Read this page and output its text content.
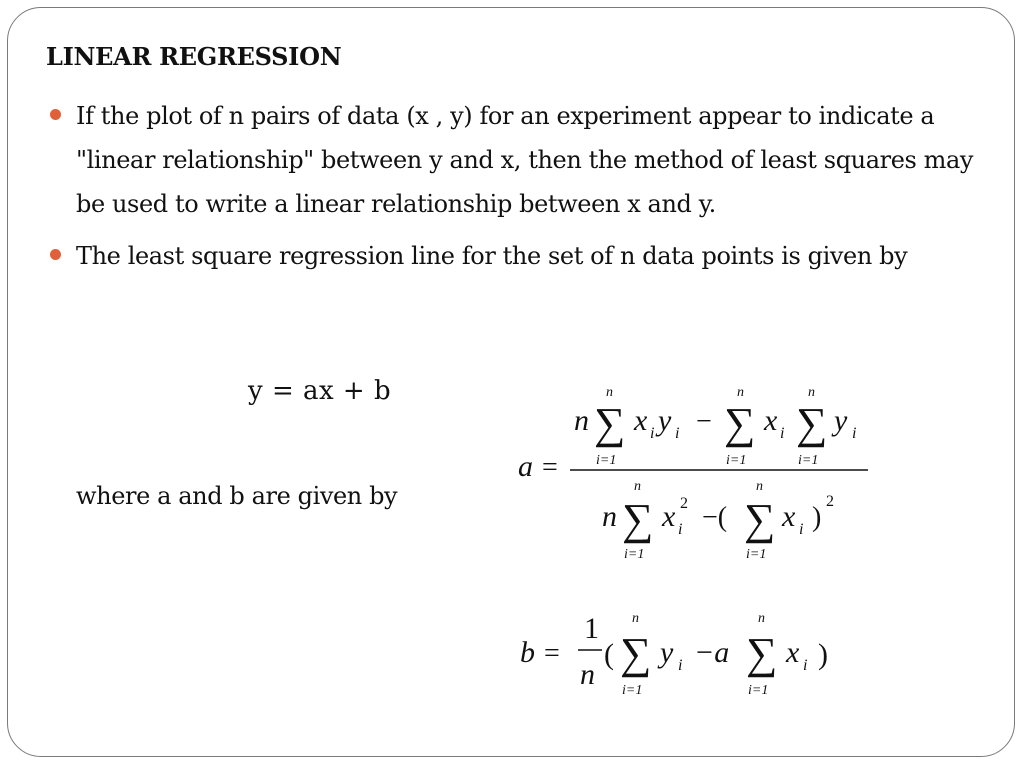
LINEAR REGRESSION
If the plot of n pairs of data (x , y) for an experiment appear to indicate a "linear relationship" between y and x, then the method of least squares may be used to write a linear relationship between x and y.
The least square regression line for the set of n data points is given by
y = ax + b
where a and b are given by
a =
n
n
∑
i=1
x i y i −
n
∑
i=1
x i
n
∑
i=1
y i
n
n
∑
i=1
x 2
i −(
n
∑
i=1
x i )
2
b =
1
n
(
n
∑
i=1
y i −a
n
∑
i=1
x i )
